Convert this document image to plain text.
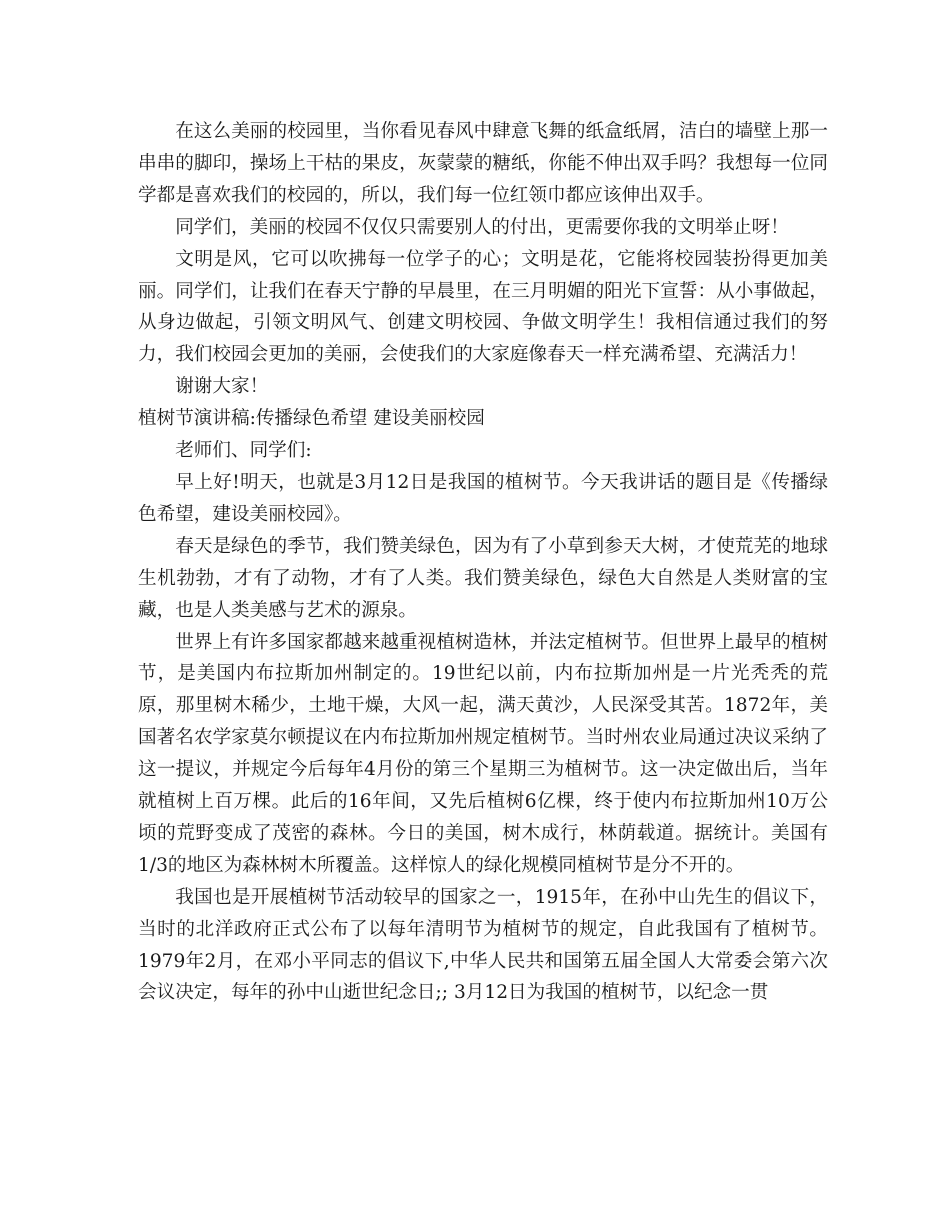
在这么美丽的校园里，当你看见春风中肆意飞舞的纸盒纸屑，洁白的墙壁上那一串串的脚印，操场上干枯的果皮，灰蒙蒙的糖纸，你能不伸出双手吗？我想每一位同学都是喜欢我们的校园的，所以，我们每一位红领巾都应该伸出双手。

同学们，美丽的校园不仅仅只需要别人的付出，更需要你我的文明举止呀！

文明是风，它可以吹拂每一位学子的心；文明是花，它能将校园装扮得更加美丽。同学们，让我们在春天宁静的早晨里，在三月明媚的阳光下宣誓：从小事做起，从身边做起，引领文明风气、创建文明校园、争做文明学生！我相信通过我们的努力，我们校园会更加的美丽，会使我们的大家庭像春天一样充满希望、充满活力！

谢谢大家！

植树节演讲稿:传播绿色希望 建设美丽校园

老师们、同学们:

早上好!明天，也就是3月12日是我国的植树节。今天我讲话的题目是《传播绿色希望，建设美丽校园》。

春天是绿色的季节，我们赞美绿色，因为有了小草到参天大树，才使荒芜的地球生机勃勃，才有了动物，才有了人类。我们赞美绿色，绿色大自然是人类财富的宝藏，也是人类美感与艺术的源泉。

世界上有许多国家都越来越重视植树造林，并法定植树节。但世界上最早的植树节，是美国内布拉斯加州制定的。19世纪以前，内布拉斯加州是一片光秃秃的荒原，那里树木稀少，土地干燥，大风一起，满天黄沙，人民深受其苦。1872年，美国著名农学家莫尔顿提议在内布拉斯加州规定植树节。当时州农业局通过决议采纳了这一提议，并规定今后每年4月份的第三个星期三为植树节。这一决定做出后，当年就植树上百万棵。此后的16年间，又先后植树6亿棵，终于使内布拉斯加州10万公顷的荒野变成了茂密的森林。今日的美国，树木成行，林荫载道。据统计。美国有1/3的地区为森林树木所覆盖。这样惊人的绿化规模同植树节是分不开的。

我国也是开展植树节活动较早的国家之一，1915年，在孙中山先生的倡议下，当时的北洋政府正式公布了以每年清明节为植树节的规定，自此我国有了植树节。1979年2月，在邓小平同志的倡议下,中华人民共和国第五届全国人大常委会第六次会议决定，每年的孙中山逝世纪念日;; 3月12日为我国的植树节，以纪念一贯
